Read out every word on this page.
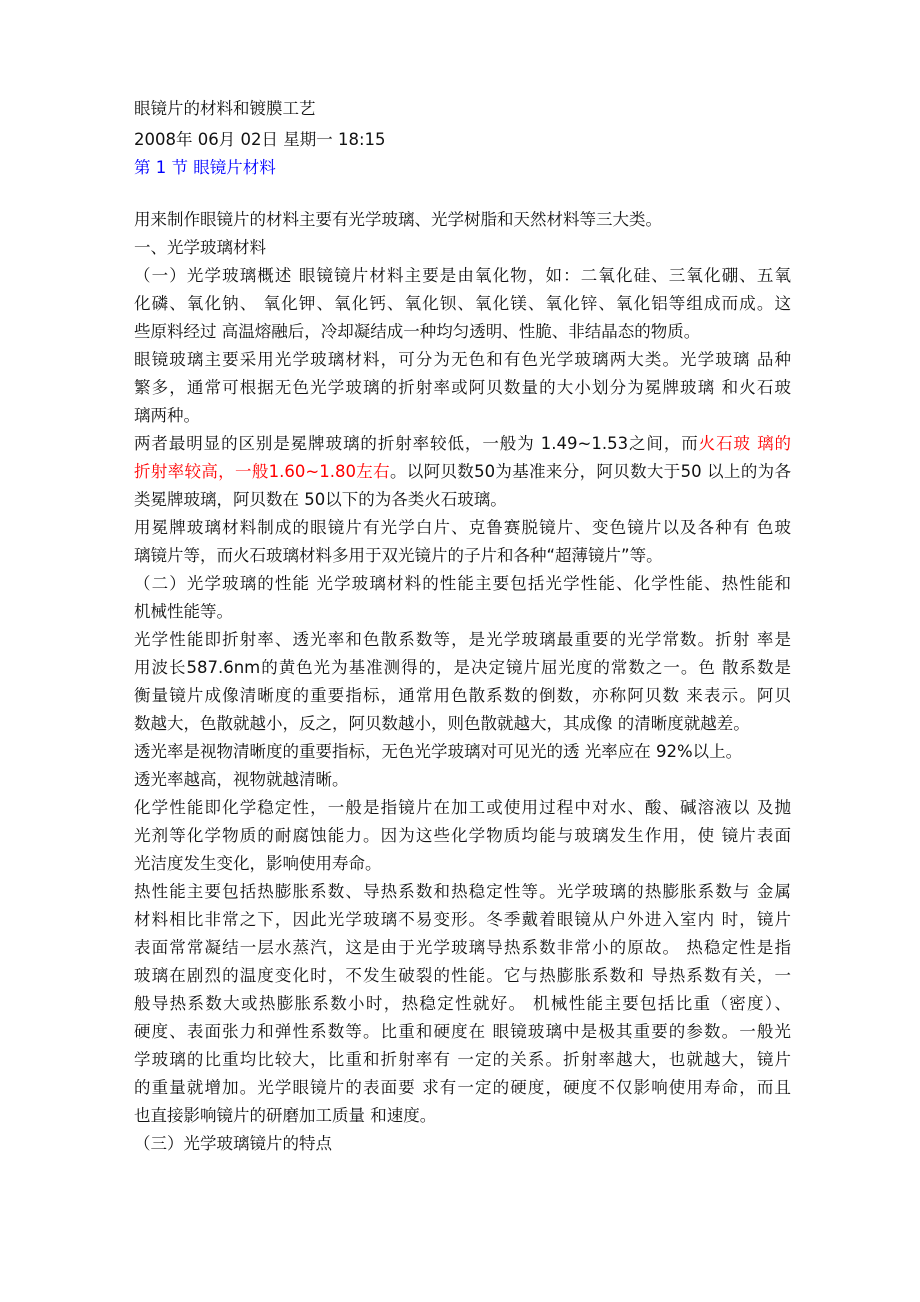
眼镜片的材料和镀膜工艺
2008年 06月 02日 星期一 18:15
第 1 节 眼镜片材料
用来制作眼镜片的材料主要有光学玻璃、光学树脂和天然材料等三大类。
一、光学玻璃材料
（一）光学玻璃概述 眼镜镜片材料主要是由氧化物，如：二氧化硅、三氧化硼、五氧
化磷、氧化钠、 氧化钾、氧化钙、氧化钡、氧化镁、氧化锌、氧化铝等组成而成。这
些原料经过 高温熔融后，冷却凝结成一种均匀透明、性脆、非结晶态的物质。
眼镜玻璃主要采用光学玻璃材料，可分为无色和有色光学玻璃两大类。光学玻璃 品种
繁多，通常可根据无色光学玻璃的折射率或阿贝数量的大小划分为冕牌玻璃 和火石玻
璃两种。
两者最明显的区别是冕牌玻璃的折射率较低，一般为 1.49~1.53之间，而火石玻 璃的
折射率较高，一般1.60~1.80左右。以阿贝数50为基准来分，阿贝数大于50 以上的为各
类冕牌玻璃，阿贝数在 50以下的为各类火石玻璃。
用冕牌玻璃材料制成的眼镜片有光学白片、克鲁赛脱镜片、变色镜片以及各种有 色玻
璃镜片等，而火石玻璃材料多用于双光镜片的子片和各种“超薄镜片”等。
（二）光学玻璃的性能 光学玻璃材料的性能主要包括光学性能、化学性能、热性能和
机械性能等。
光学性能即折射率、透光率和色散系数等，是光学玻璃最重要的光学常数。折射 率是
用波长587.6nm的黄色光为基准测得的，是决定镜片屈光度的常数之一。色 散系数是
衡量镜片成像清晰度的重要指标，通常用色散系数的倒数，亦称阿贝数 来表示。阿贝
数越大，色散就越小，反之，阿贝数越小，则色散就越大，其成像 的清晰度就越差。
透光率是视物清晰度的重要指标，无色光学玻璃对可见光的透 光率应在 92%以上。
透光率越高，视物就越清晰。
化学性能即化学稳定性，一般是指镜片在加工或使用过程中对水、酸、碱溶液以 及抛
光剂等化学物质的耐腐蚀能力。因为这些化学物质均能与玻璃发生作用，使 镜片表面
光洁度发生变化，影响使用寿命。
热性能主要包括热膨胀系数、导热系数和热稳定性等。光学玻璃的热膨胀系数与 金属
材料相比非常之下，因此光学玻璃不易变形。冬季戴着眼镜从户外进入室内 时，镜片
表面常常凝结一层水蒸汽，这是由于光学玻璃导热系数非常小的原故。 热稳定性是指
玻璃在剧烈的温度变化时，不发生破裂的性能。它与热膨胀系数和 导热系数有关，一
般导热系数大或热膨胀系数小时，热稳定性就好。 机械性能主要包括比重（密度）、
硬度、表面张力和弹性系数等。比重和硬度在 眼镜玻璃中是极其重要的参数。一般光
学玻璃的比重均比较大，比重和折射率有 一定的关系。折射率越大，也就越大，镜片
的重量就增加。光学眼镜片的表面要 求有一定的硬度，硬度不仅影响使用寿命，而且
也直接影响镜片的研磨加工质量 和速度。
（三）光学玻璃镜片的特点
